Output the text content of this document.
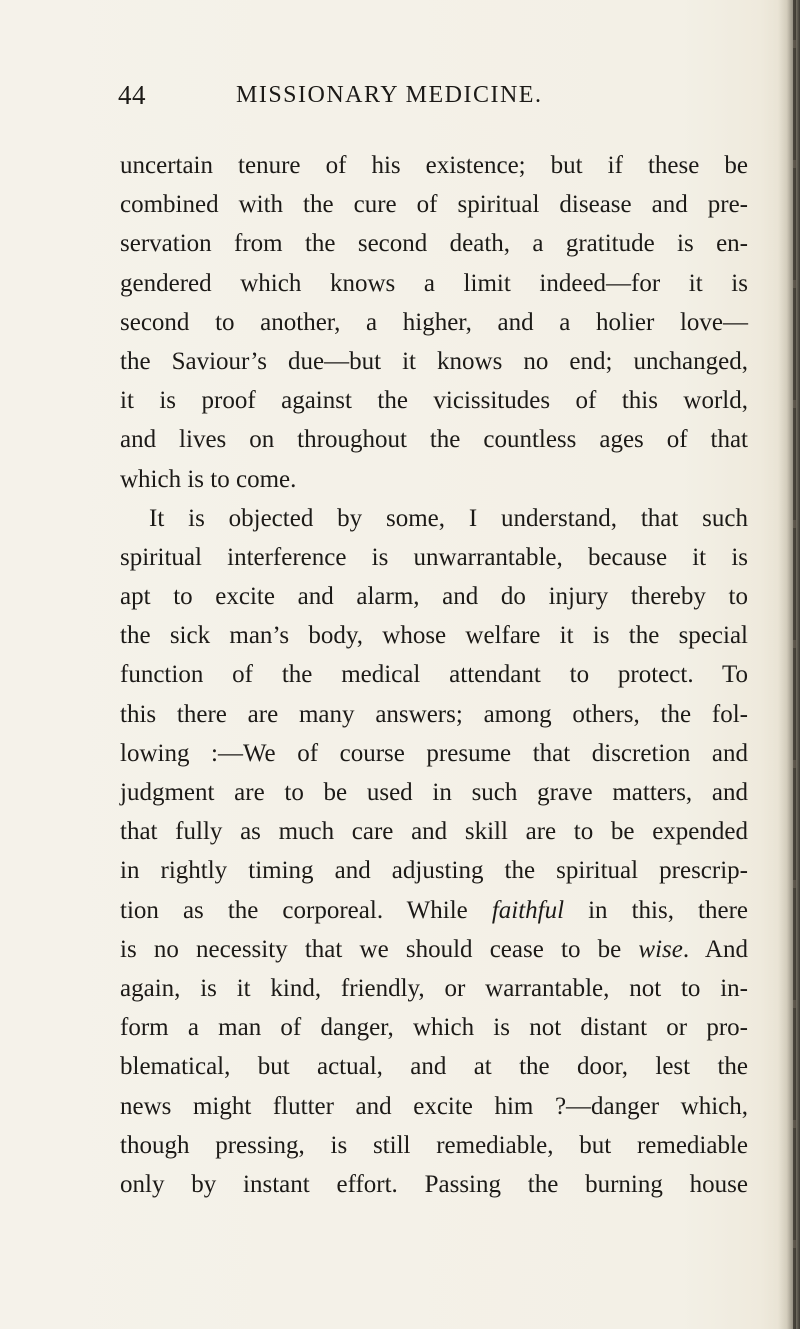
44	MISSIONARY MEDICINE.
uncertain tenure of his existence; but if these be
combined with the cure of spiritual disease and pre-
servation from the second death, a gratitude is en-
gendered which knows a limit indeed—for it is
second to another, a higher, and a holier love—
the Saviour’s due—but it knows no end; unchanged,
it is proof against the vicissitudes of this world,
and lives on throughout the countless ages of that
which is to come.
It is objected by some, I understand, that such
spiritual interference is unwarrantable, because it is
apt to excite and alarm, and do injury thereby to
the sick man’s body, whose welfare it is the special
function of the medical attendant to protect. To
this there are many answers; among others, the fol-
lowing :—We of course presume that discretion and
judgment are to be used in such grave matters, and
that fully as much care and skill are to be expended
in rightly timing and adjusting the spiritual prescrip-
tion as the corporeal. While faithful in this, there
is no necessity that we should cease to be wise. And
again, is it kind, friendly, or warrantable, not to in-
form a man of danger, which is not distant or pro-
blematical, but actual, and at the door, lest the
news might flutter and excite him ?—danger which,
though pressing, is still remediable, but remediable
only by instant effort. Passing the burning house
